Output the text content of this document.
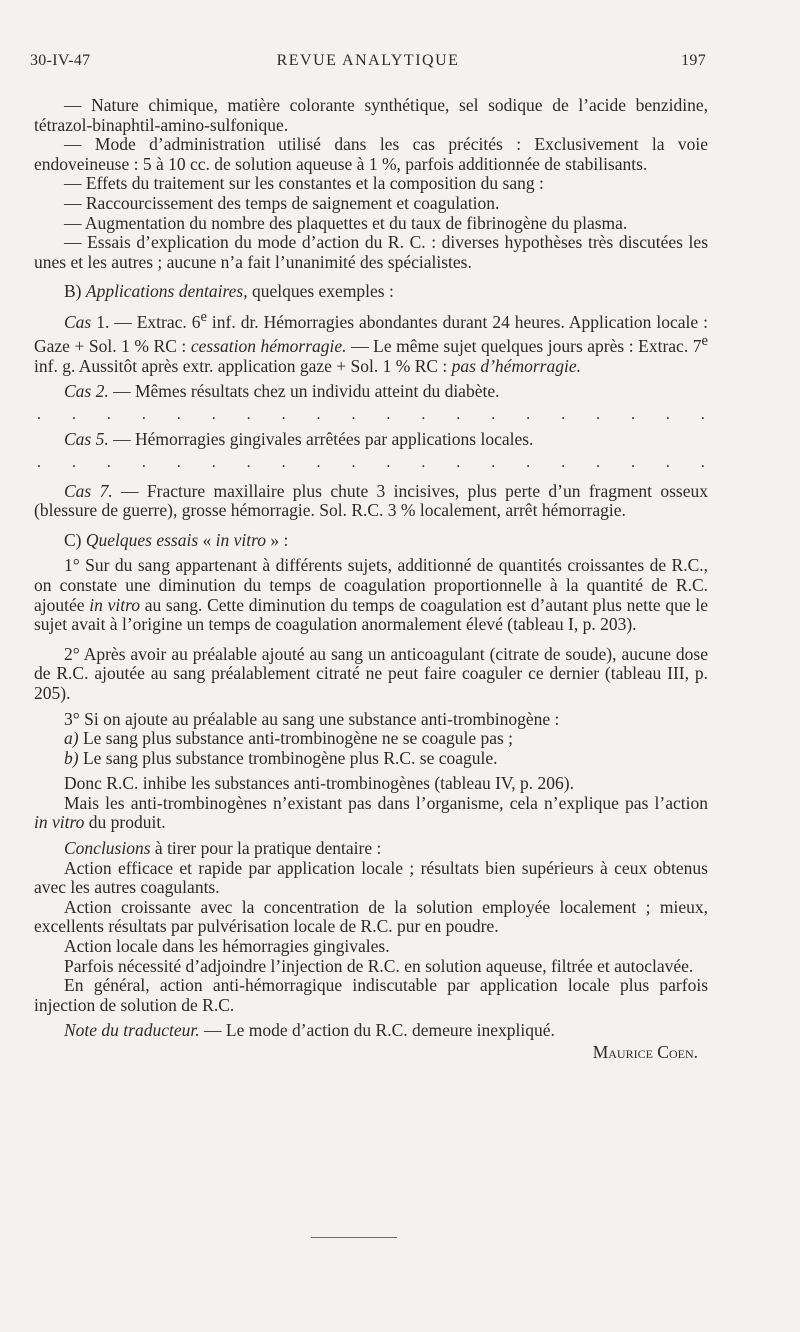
30-IV-47	REVUE ANALYTIQUE	197

— Nature chimique, matière colorante synthétique, sel sodique de l’acide benzidine, tétrazol-binaphtil-amino-sulfonique.

— Mode d’administration utilisé dans les cas précités : Exclusivement la voie endoveineuse : 5 à 10 cc. de solution aqueuse à 1 %, parfois additionnée de stabilisants.

— Effets du traitement sur les constantes et la composition du sang :

— Raccourcissement des temps de saignement et coagulation.

— Augmentation du nombre des plaquettes et du taux de fibrinogène du plasma.

— Essais d’explication du mode d’action du R. C. : diverses hypothèses très discutées les unes et les autres ; aucune n’a fait l’unanimité des spécialistes.

B) Applications dentaires, quelques exemples :

Cas 1. — Extrac. 6e inf. dr. Hémorragies abondantes durant 24 heures. Application locale : Gaze + Sol. 1 % RC : cessation hémorragie. — Le même sujet quelques jours après : Extrac. 7e inf. g. Aussitôt après extr. application gaze + Sol. 1 % RC : pas d’hémorragie.

Cas 2. — Mêmes résultats chez un individu atteint du diabète.

. . . . . . . . . . . . . . . . . . . .

Cas 5. — Hémorragies gingivales arrêtées par applications locales.

. . . . . . . . . . . . . . . . . . . .

Cas 7. — Fracture maxillaire plus chute 3 incisives, plus perte d’un fragment osseux (blessure de guerre), grosse hémorragie. Sol. R.C. 3 % localement, arrêt hémorragie.

C) Quelques essais « in vitro » :

1° Sur du sang appartenant à différents sujets, additionné de quantités croissantes de R.C., on constate une diminution du temps de coagulation proportionnelle à la quantité de R.C. ajoutée in vitro au sang. Cette diminution du temps de coagulation est d’autant plus nette que le sujet avait à l’origine un temps de coagulation anormalement élevé (tableau I, p. 203).

2° Après avoir au préalable ajouté au sang un anticoagulant (citrate de soude), aucune dose de R.C. ajoutée au sang préalablement citraté ne peut faire coaguler ce dernier (tableau III, p. 205).

3° Si on ajoute au préalable au sang une substance anti-trombinogène :

a) Le sang plus substance anti-trombinogène ne se coagule pas ;

b) Le sang plus substance trombinogène plus R.C. se coagule.

Donc R.C. inhibe les substances anti-trombinogènes (tableau IV, p. 206).

Mais les anti-trombinogènes n’existant pas dans l’organisme, cela n’explique pas l’action in vitro du produit.

Conclusions à tirer pour la pratique dentaire :

Action efficace et rapide par application locale ; résultats bien supérieurs à ceux obtenus avec les autres coagulants.

Action croissante avec la concentration de la solution employée localement ; mieux, excellents résultats par pulvérisation locale de R.C. pur en poudre.

Action locale dans les hémorragies gingivales.

Parfois nécessité d’adjoindre l’injection de R.C. en solution aqueuse, filtrée et autoclavée.

En général, action anti-hémorragique indiscutable par application locale plus parfois injection de solution de R.C.

Note du traducteur. — Le mode d’action du R.C. demeure inexpliqué.

Maurice Coen.
